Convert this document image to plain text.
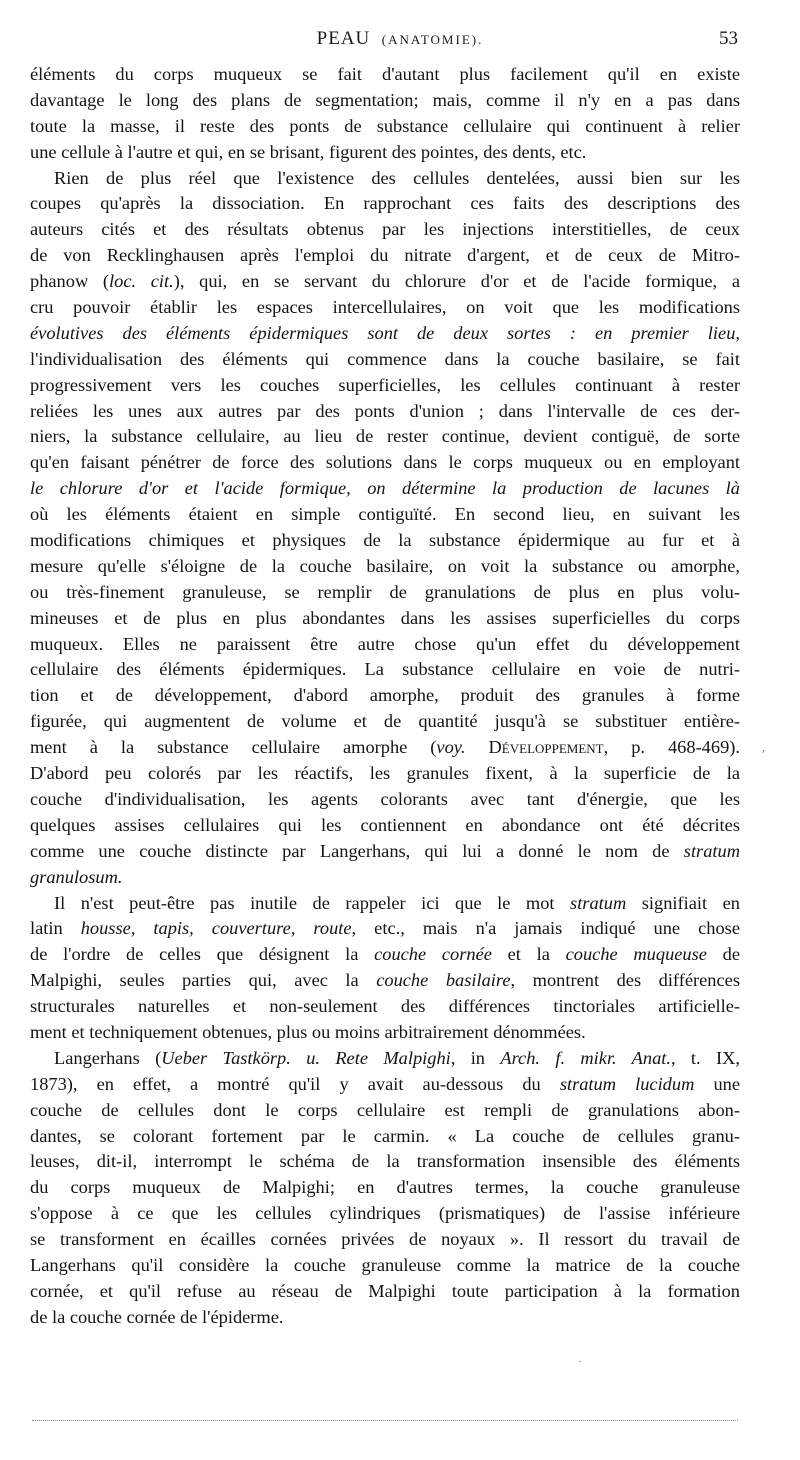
PEAU (ANATOMIE).	53
éléments du corps muqueux se fait d'autant plus facilement qu'il en existe
davantage le long des plans de segmentation; mais, comme il n'y en a pas dans
toute la masse, il reste des ponts de substance cellulaire qui continuent à relier
une cellule à l'autre et qui, en se brisant, figurent des pointes, des dents, etc.
Rien de plus réel que l'existence des cellules dentelées, aussi bien sur les
coupes qu'après la dissociation. En rapprochant ces faits des descriptions des
auteurs cités et des résultats obtenus par les injections interstitielles, de ceux
de von Recklinghausen après l'emploi du nitrate d'argent, et de ceux de Mitro-
phanow (loc. cit.), qui, en se servant du chlorure d'or et de l'acide formique, a
cru pouvoir établir les espaces intercellulaires, on voit que les modifications
évolutives des éléments épidermiques sont de deux sortes : en premier lieu,
l'individualisation des éléments qui commence dans la couche basilaire, se fait
progressivement vers les couches superficielles, les cellules continuant à rester
reliées les unes aux autres par des ponts d'union ; dans l'intervalle de ces der-
niers, la substance cellulaire, au lieu de rester continue, devient contiguë, de sorte
qu'en faisant pénétrer de force des solutions dans le corps muqueux ou en employant
le chlorure d'or et l'acide formique, on détermine la production de lacunes là
où les éléments étaient en simple contiguïté. En second lieu, en suivant les
modifications chimiques et physiques de la substance épidermique au fur et à
mesure qu'elle s'éloigne de la couche basilaire, on voit la substance ou amorphe,
ou très-finement granuleuse, se remplir de granulations de plus en plus volu-
mineuses et de plus en plus abondantes dans les assises superficielles du corps
muqueux. Elles ne paraissent être autre chose qu'un effet du développement
cellulaire des éléments épidermiques. La substance cellulaire en voie de nutri-
tion et de développement, d'abord amorphe, produit des granules à forme
figurée, qui augmentent de volume et de quantité jusqu'à se substituer entière-
ment à la substance cellulaire amorphe (voy. Développement, p. 468-469).
D'abord peu colorés par les réactifs, les granules fixent, à la superficie de la
couche d'individualisation, les agents colorants avec tant d'énergie, que les
quelques assises cellulaires qui les contiennent en abondance ont été décrites
comme une couche distincte par Langerhans, qui lui a donné le nom de stratum
granulosum.
Il n'est peut-être pas inutile de rappeler ici que le mot stratum signifiait en
latin housse, tapis, couverture, route, etc., mais n'a jamais indiqué une chose
de l'ordre de celles que désignent la couche cornée et la couche muqueuse de
Malpighi, seules parties qui, avec la couche basilaire, montrent des différences
structurales naturelles et non-seulement des différences tinctoriales artificielle-
ment et techniquement obtenues, plus ou moins arbitrairement dénommées.
Langerhans (Ueber Tastkörp. u. Rete Malpighi, in Arch. f. mikr. Anat., t. IX,
1873), en effet, a montré qu'il y avait au-dessous du stratum lucidum une
couche de cellules dont le corps cellulaire est rempli de granulations abon-
dantes, se colorant fortement par le carmin. « La couche de cellules granu-
leuses, dit-il, interrompt le schéma de la transformation insensible des éléments
du corps muqueux de Malpighi; en d'autres termes, la couche granuleuse
s'oppose à ce que les cellules cylindriques (prismatiques) de l'assise inférieure
se transforment en écailles cornées privées de noyaux ». Il ressort du travail de
Langerhans qu'il considère la couche granuleuse comme la matrice de la couche
cornée, et qu'il refuse au réseau de Malpighi toute participation à la formation
de la couche cornée de l'épiderme.
,
·
